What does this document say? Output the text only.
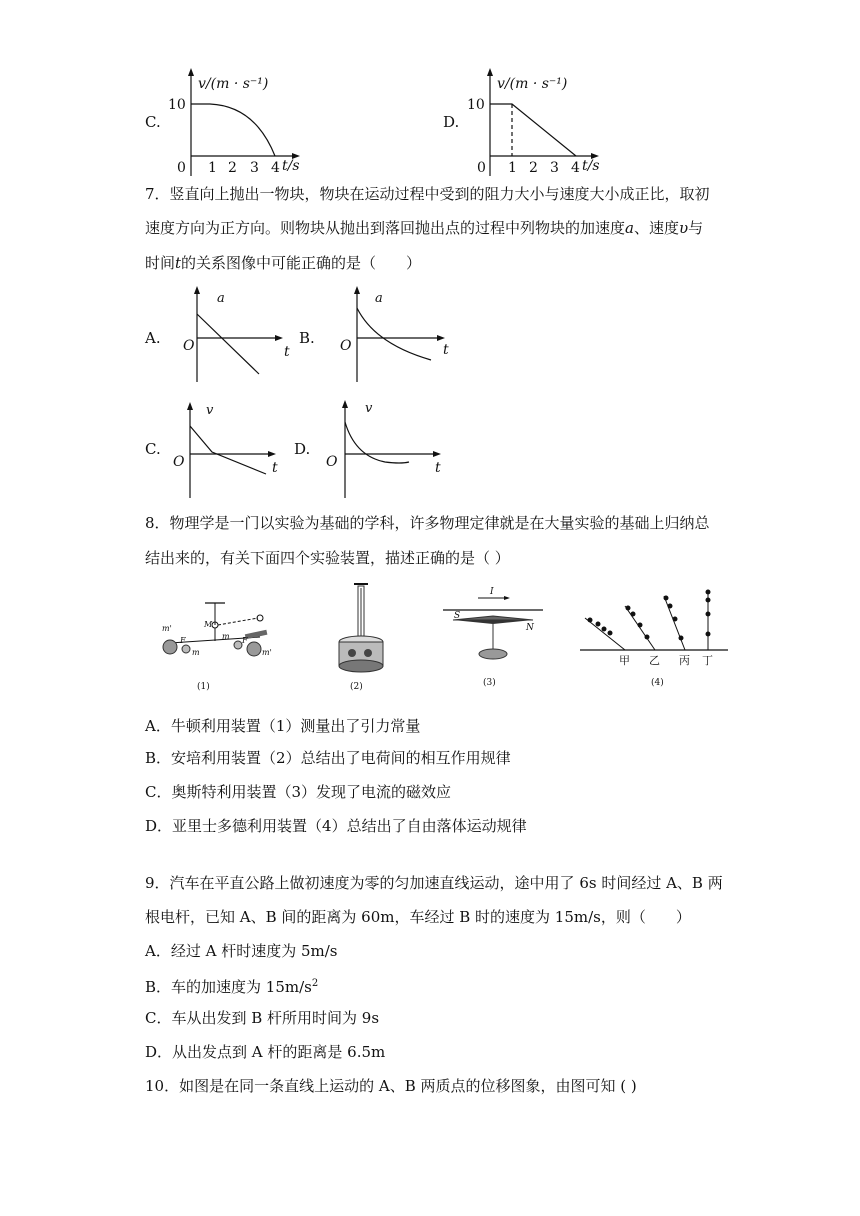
C.
v/(m · s⁻¹)
10
0 1 2 3 4 t/s
D.
v/(m · s⁻¹)
10
0 1 2 3 4 t/s
7．竖直向上抛出一物块，物块在运动过程中受到的阻力大小与速度大小成正比，取初
速度方向为正方向。则物块从抛出到落回抛出点的过程中列物块的加速度a、速度υ与
时间t的关系图像中可能正确的是（　　）
A.
a
O	t
B.
a
O	t
C.
v
O	t
D.
v
O	t
8．物理学是一门以实验为基础的学科，许多物理定律就是在大量实验的基础上归纳总
结出来的，有关下面四个实验装置，描述正确的是（ ）
m'
F
m
M
m F
m'
(1)	(2)
I
S
N
(3)
甲 乙 丙 丁
(4)
A．牛顿利用装置（1）测量出了引力常量
B．安培利用装置（2）总结出了电荷间的相互作用规律
C．奥斯特利用装置（3）发现了电流的磁效应
D．亚里士多德利用装置（4）总结出了自由落体运动规律
9．汽车在平直公路上做初速度为零的匀加速直线运动，途中用了 6s 时间经过 A、B 两
根电杆，已知 A、B 间的距离为 60m，车经过 B 时的速度为 15m/s，则（　　）
A．经过 A 杆时速度为 5m/s
B．车的加速度为 $15m/s^2$
C．车从出发到 B 杆所用时间为 9s
D．从出发点到 A 杆的距离是 6.5m
10．如图是在同一条直线上运动的 A、B 两质点的位移图象，由图可知 ( )
